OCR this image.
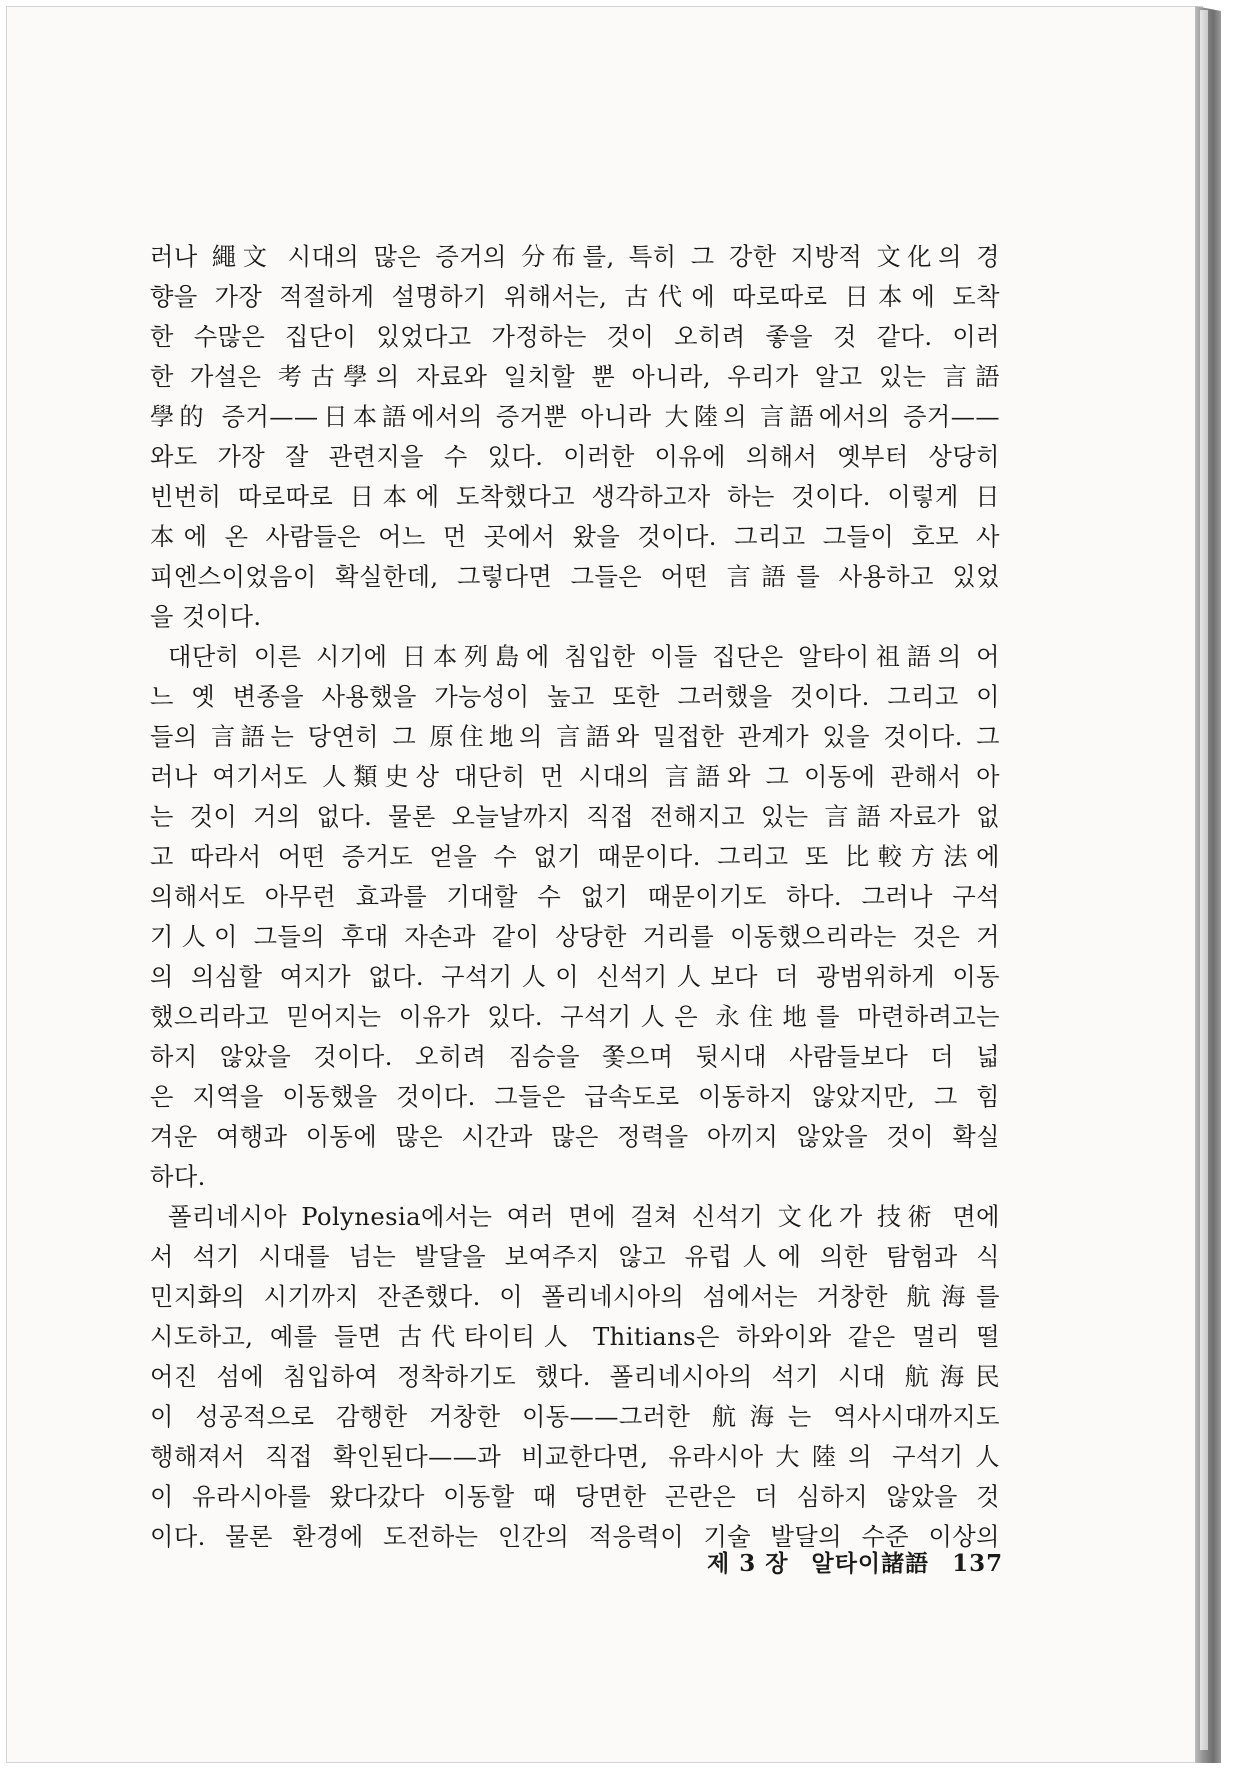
러나 繩文 시대의 많은 증거의 分布를, 특히 그 강한 지방적 文化의 경
향을 가장 적절하게 설명하기 위해서는, 古代에 따로따로 日本에 도착
한 수많은 집단이 있었다고 가정하는 것이 오히려 좋을 것 같다. 이러
한 가설은 考古學의 자료와 일치할 뿐 아니라, 우리가 알고 있는 言語
學的 증거——日本語에서의 증거뿐 아니라 大陸의 言語에서의 증거——
와도 가장 잘 관련지을 수 있다. 이러한 이유에 의해서 옛부터 상당히
빈번히 따로따로 日本에 도착했다고 생각하고자 하는 것이다. 이렇게 日
本에 온 사람들은 어느 먼 곳에서 왔을 것이다. 그리고 그들이 호모 사
피엔스이었음이 확실한데, 그렇다면 그들은 어떤 言語를 사용하고 있었
을 것이다.
대단히 이른 시기에 日本列島에 침입한 이들 집단은 알타이祖語의 어
느 옛 변종을 사용했을 가능성이 높고 또한 그러했을 것이다. 그리고 이
들의 言語는 당연히 그 原住地의 言語와 밀접한 관계가 있을 것이다. 그
러나 여기서도 人類史상 대단히 먼 시대의 言語와 그 이동에 관해서 아
는 것이 거의 없다. 물론 오늘날까지 직접 전해지고 있는 言語자료가 없
고 따라서 어떤 증거도 얻을 수 없기 때문이다. 그리고 또 比較方法에
의해서도 아무런 효과를 기대할 수 없기 때문이기도 하다. 그러나 구석
기人이 그들의 후대 자손과 같이 상당한 거리를 이동했으리라는 것은 거
의 의심할 여지가 없다. 구석기人이 신석기人보다 더 광범위하게 이동
했으리라고 믿어지는 이유가 있다. 구석기人은 永住地를 마련하려고는
하지 않았을 것이다. 오히려 짐승을 쫓으며 뒷시대 사람들보다 더 넓
은 지역을 이동했을 것이다. 그들은 급속도로 이동하지 않았지만, 그 힘
겨운 여행과 이동에 많은 시간과 많은 정력을 아끼지 않았을 것이 확실
하다.
폴리네시아 Polynesia에서는 여러 면에 걸쳐 신석기 文化가 技術 면에
서 석기 시대를 넘는 발달을 보여주지 않고 유럽人에 의한 탐험과 식
민지화의 시기까지 잔존했다. 이 폴리네시아의 섬에서는 거창한 航海를
시도하고, 예를 들면 古代타이티人 Thitians은 하와이와 같은 멀리 떨
어진 섬에 침입하여 정착하기도 했다. 폴리네시아의 석기 시대 航海民
이 성공적으로 감행한 거창한 이동——그러한 航海는 역사시대까지도
행해져서 직접 확인된다——과 비교한다면, 유라시아大陸의 구석기人
이 유라시아를 왔다갔다 이동할 때 당면한 곤란은 더 심하지 않았을 것
이다. 물론 환경에 도전하는 인간의 적응력이 기술 발달의 수준 이상의
제 3 장 알타이諸語 137
